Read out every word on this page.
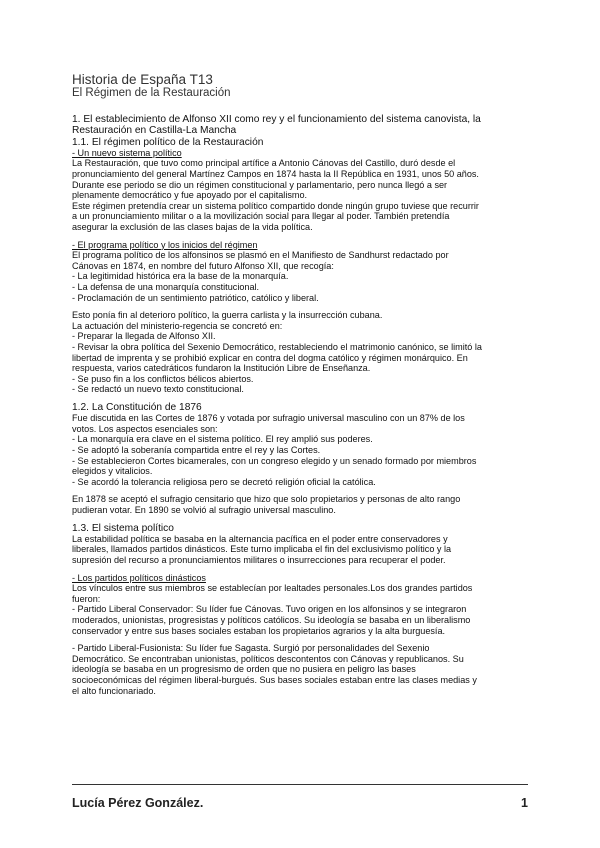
Historia de España T13
El Régimen de la Restauración
1. El establecimiento de Alfonso XII como rey y el funcionamiento del sistema canovista, la
Restauración en Castilla-La Mancha
1.1. El régimen político de la Restauración
- Un nuevo sistema político

La Restauración, que tuvo como principal artífice a Antonio Cánovas del Castillo, duró desde el
pronunciamiento del general Martínez Campos en 1874 hasta la II República en 1931, unos 50 años.
Durante ese periodo se dio un régimen constitucional y parlamentario, pero nunca llegó a ser
plenamente democrático y fue apoyado por el capitalismo.

Este régimen pretendía crear un sistema político compartido donde ningún grupo tuviese que recurrir
a un pronunciamiento militar o a la movilización social para llegar al poder. También pretendía
asegurar la exclusión de las clases bajas de la vida política.

- El programa político y los inicios del régimen

El programa político de los alfonsinos se plasmó en el Manifiesto de Sandhurst redactado por
Cánovas en 1874, en nombre del futuro Alfonso XII, que recogía:

- La legitimidad histórica era la base de la monarquía.
- La defensa de una monarquía constitucional.
- Proclamación de un sentimiento patriótico, católico y liberal.

Esto ponía fin al deterioro político, la guerra carlista y la insurrección cubana.
La actuación del ministerio-regencia se concretó en:

- Preparar la llegada de Alfonso XII.
- Revisar la obra política del Sexenio Democrático, restableciendo el matrimonio canónico, se limitó la
libertad de imprenta y se prohibió explicar en contra del dogma católico y régimen monárquico. En
respuesta, varios catedráticos fundaron la Institución Libre de Enseñanza.
- Se puso fin a los conflictos bélicos abiertos.
- Se redactó un nuevo texto constitucional.
1.2. La Constitución de 1876

Fue discutida en las Cortes de 1876 y votada por sufragio universal masculino con un 87% de los
votos. Los aspectos esenciales son:

- La monarquía era clave en el sistema político. El rey amplió sus poderes.
- Se adoptó la soberanía compartida entre el rey y las Cortes.
- Se establecieron Cortes bicamerales, con un congreso elegido y un senado formado por miembros
elegidos y vitalicios.
- Se acordó la tolerancia religiosa pero se decretó religión oficial la católica.

En 1878 se aceptó el sufragio censitario que hizo que solo propietarios y personas de alto rango
pudieran votar. En 1890 se volvió al sufragio universal masculino.

1.3. El sistema político

La estabilidad política se basaba en la alternancia pacífica en el poder entre conservadores y
liberales, llamados partidos dinásticos. Este turno implicaba el fin del exclusivismo político y la
supresión del recurso a pronunciamientos militares o insurrecciones para recuperar el poder.

- Los partidos políticos dinásticos

Los vínculos entre sus miembros se establecían por lealtades personales.Los dos grandes partidos
fueron:

- Partido Liberal Conservador: Su líder fue Cánovas. Tuvo origen en los alfonsinos y se integraron
moderados, unionistas, progresistas y políticos católicos. Su ideología se basaba en un liberalismo
conservador y entre sus bases sociales estaban los propietarios agrarios y la alta burguesía.

- Partido Liberal-Fusionista: Su líder fue Sagasta. Surgió por personalidades del Sexenio
Democrático. Se encontraban unionistas, políticos descontentos con Cánovas y republicanos. Su
ideología se basaba en un progresismo de orden que no pusiera en peligro las bases
socioeconómicas del régimen liberal-burgués. Sus bases sociales estaban entre las clases medias y
el alto funcionariado.

Lucía Pérez González.	1
